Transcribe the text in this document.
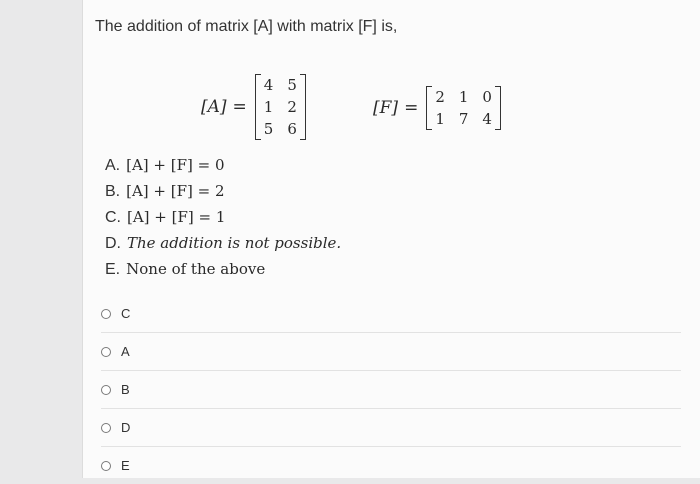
The addition of matrix [A] with matrix [F] is,
[A] =
4 5
1 2
5 6
[F] =
2 1 0
1 7 4
A. [A] + [F] = 0
B. [A] + [F] = 2
C. [A] + [F] = 1
D. The addition is not possible.
E. None of the above
C
A
B
D
E
